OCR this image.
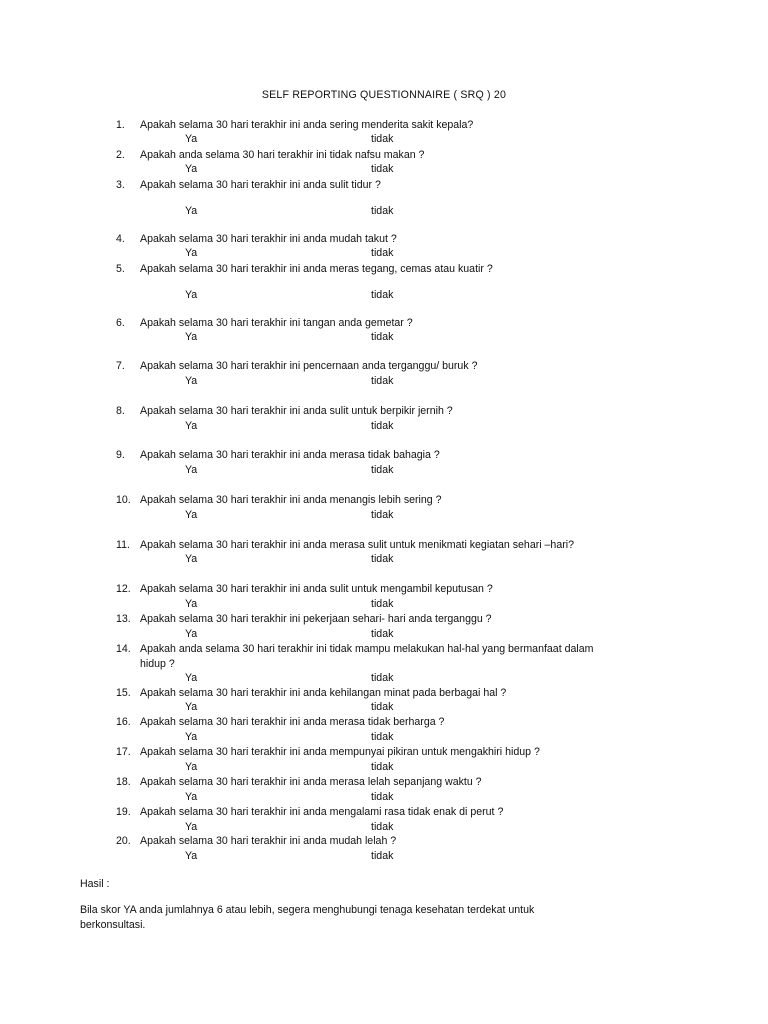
SELF REPORTING QUESTIONNAIRE ( SRQ ) 20
1.	Apakah selama 30 hari terakhir ini anda sering menderita sakit kepala?
Ya	tidak
2.	Apakah anda selama 30 hari terakhir ini tidak nafsu makan ?
Ya	tidak
3.	Apakah selama 30 hari terakhir ini anda sulit tidur ?
Ya	tidak
4.	Apakah selama 30 hari terakhir ini anda mudah takut ?
Ya	tidak
5.	Apakah selama 30 hari terakhir ini anda meras tegang, cemas atau kuatir ?
Ya	tidak
6.	Apakah selama 30 hari terakhir ini tangan anda gemetar ?
Ya	tidak
7.	Apakah selama 30 hari terakhir ini pencernaan anda terganggu/ buruk ?
Ya	tidak
8.	Apakah selama 30 hari terakhir ini anda sulit untuk berpikir jernih ?
Ya	tidak
9.	Apakah selama 30 hari terakhir ini anda merasa tidak bahagia ?
Ya	tidak
10. Apakah selama 30 hari terakhir ini anda menangis lebih sering ?
Ya	tidak
11. Apakah selama 30 hari terakhir ini anda merasa sulit untuk menikmati kegiatan sehari –hari?
Ya	tidak
12. Apakah selama 30 hari terakhir ini anda sulit untuk mengambil keputusan ?
Ya	tidak
13. Apakah selama 30 hari terakhir ini pekerjaan sehari- hari anda terganggu ?
Ya	tidak
14. Apakah anda selama 30 hari terakhir ini tidak mampu melakukan hal-hal yang bermanfaat dalam
hidup ?
Ya	tidak
15. Apakah selama 30 hari terakhir ini anda kehilangan minat pada berbagai hal ?
Ya	tidak
16. Apakah selama 30 hari terakhir ini anda merasa tidak berharga ?
Ya	tidak
17. Apakah selama 30 hari terakhir ini anda mempunyai pikiran untuk mengakhiri hidup ?
Ya	tidak
18. Apakah selama 30 hari terakhir ini anda merasa lelah sepanjang waktu ?
Ya	tidak
19. Apakah selama 30 hari terakhir ini anda mengalami rasa tidak enak di perut ?
Ya	tidak
20. Apakah selama 30 hari terakhir ini anda mudah lelah ?
Ya	tidak
Hasil :
Bila skor YA anda jumlahnya 6 atau lebih, segera menghubungi tenaga kesehatan terdekat untuk
berkonsultasi.
